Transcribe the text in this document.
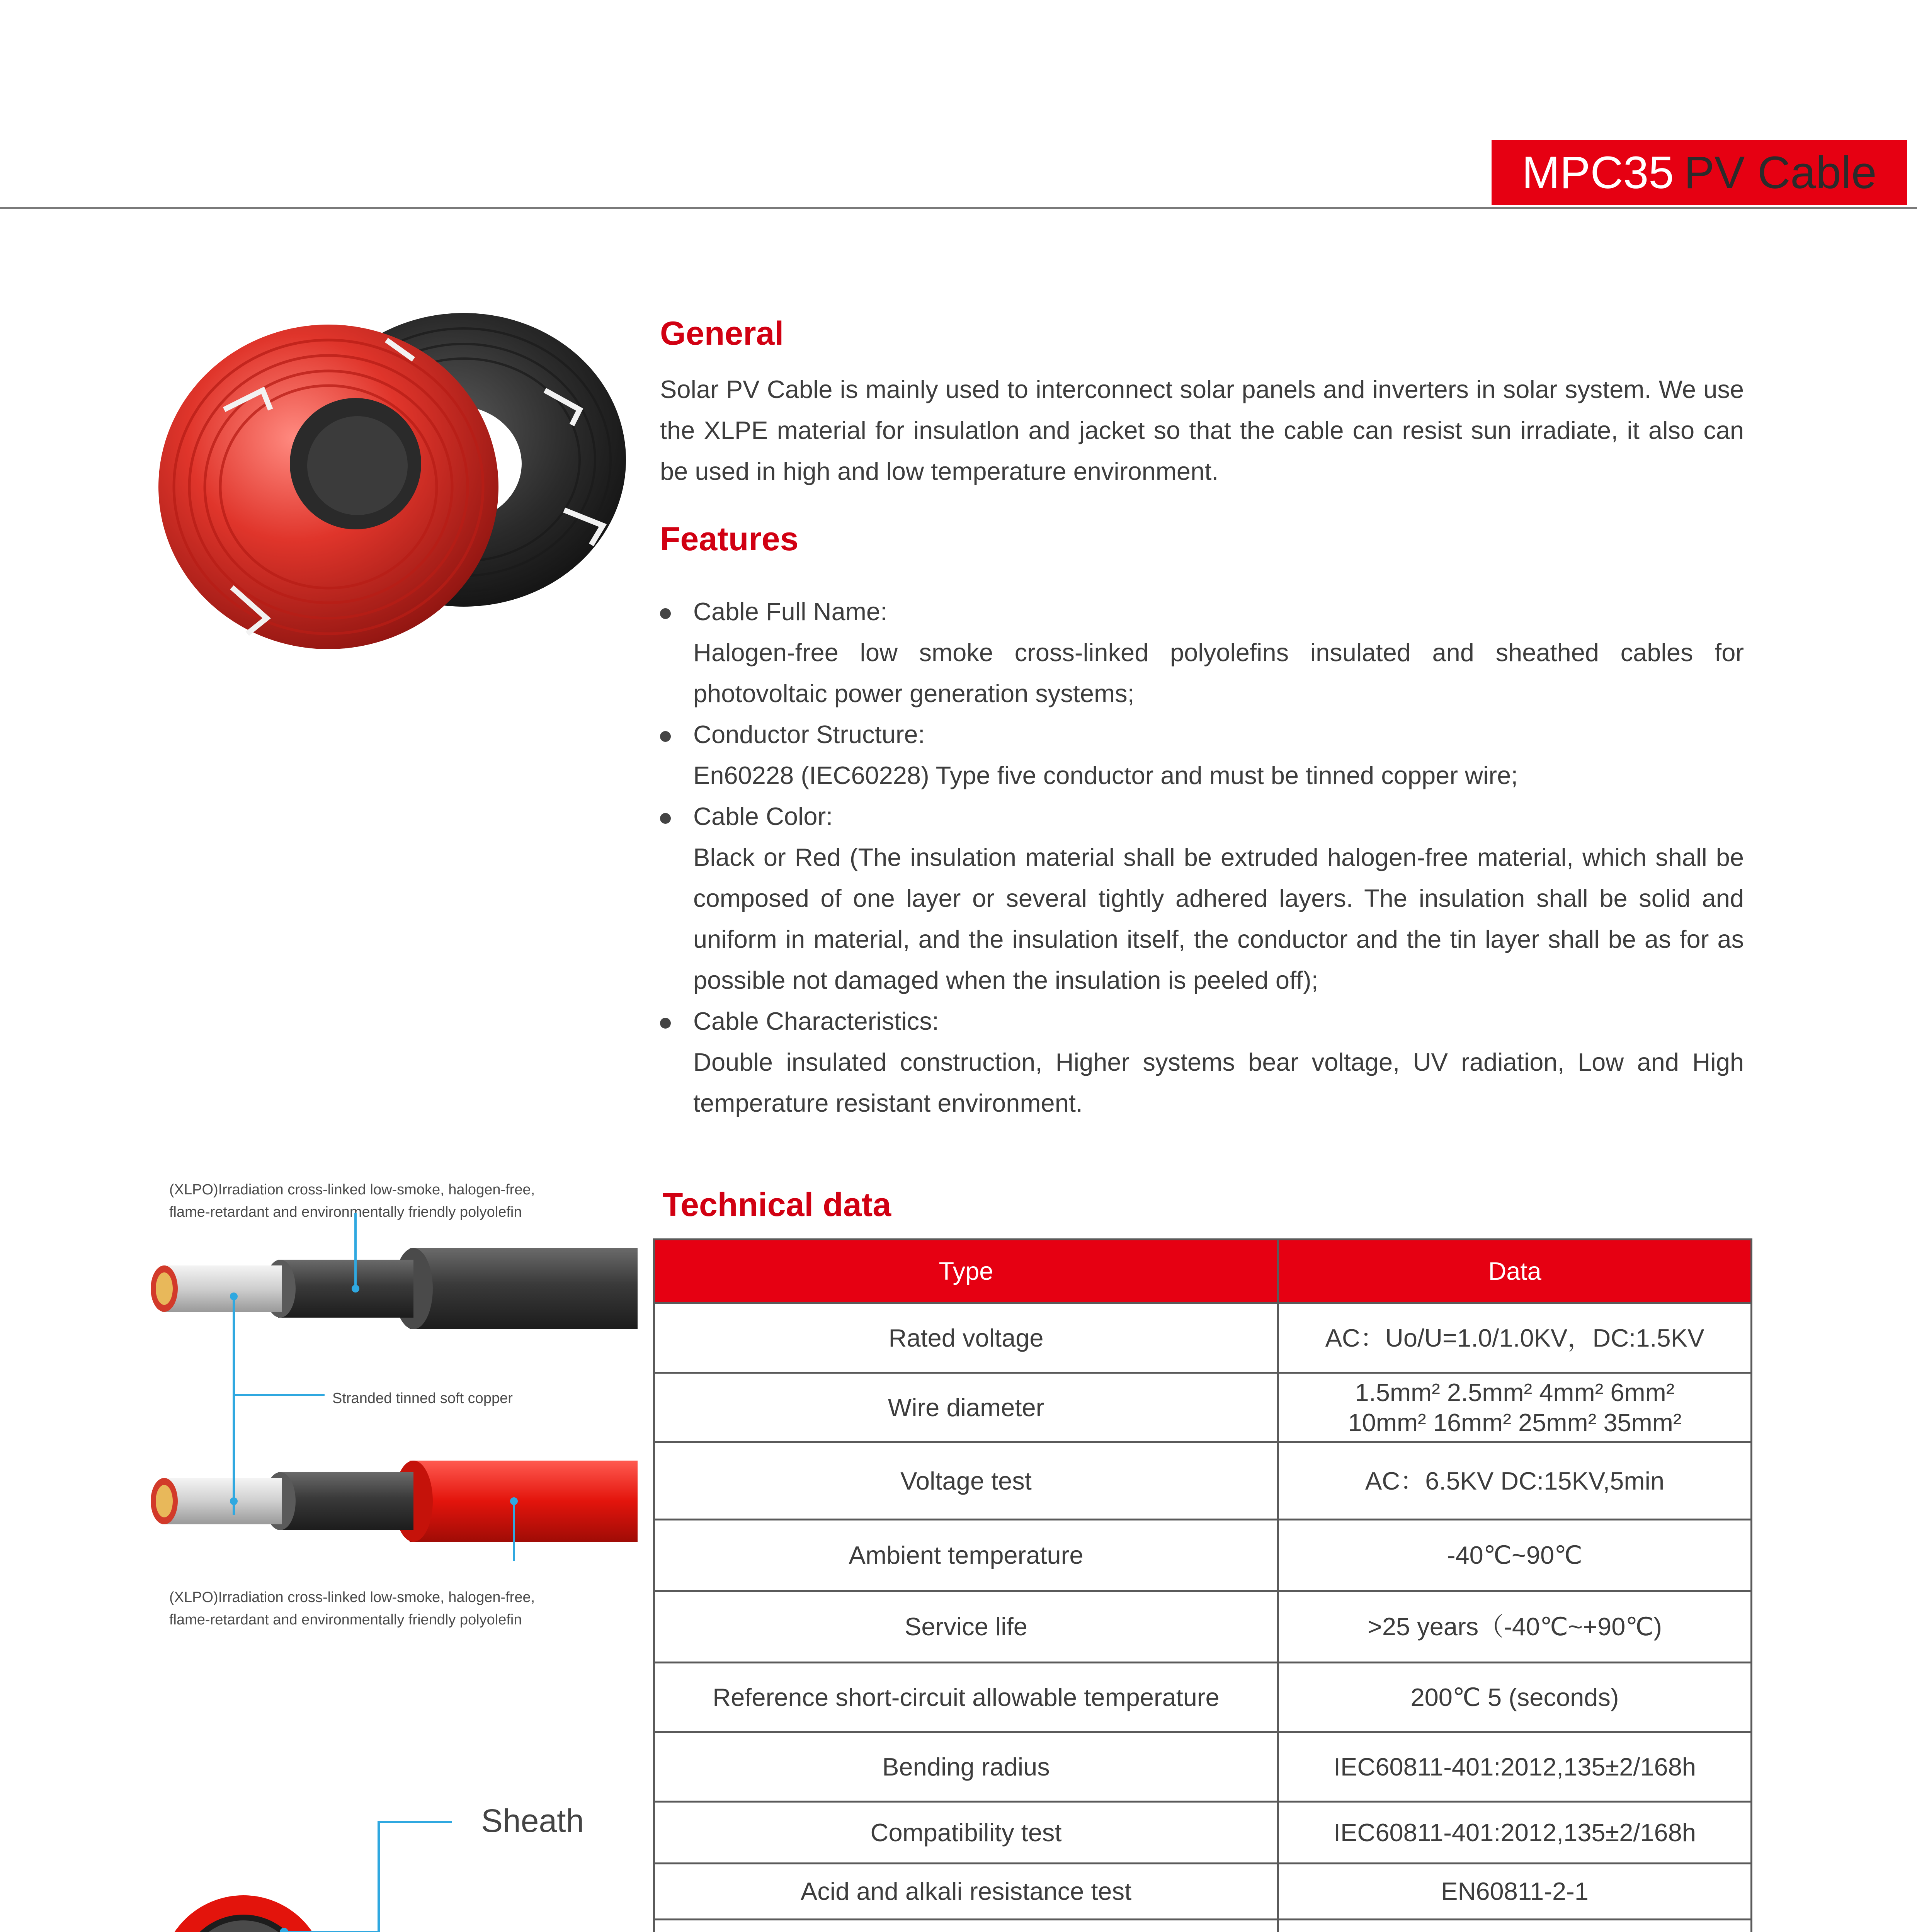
MPC35 PV Cable
General
Solar PV Cable is mainly used to interconnect solar panels and inverters in solar system. We use the XLPE material for insulatlon and jacket so that the cable can resist sun irradiate, it also can be used in high and low temperature environment.
Features
Cable Full Name:
Halogen-free low smoke cross-linked polyolefins insulated and sheathed cables for photovoltaic power generation systems;
Conductor Structure:
En60228 (IEC60228) Type five conductor and must be tinned copper wire;
Cable Color:
Black or Red (The insulation material shall be extruded halogen-free material, which shall be composed of one layer or several tightly adhered layers. The insulation shall be solid and uniform in material, and the insulation itself, the conductor and the tin layer shall be as for as possible not damaged when the insulation is peeled off);
Cable Characteristics:
Double insulated construction, Higher systems bear voltage, UV radiation, Low and High temperature resistant environment.
(XLPO)Irradiation cross-linked low-smoke, halogen-free,
flame-retardant and environmentally friendly polyolefin
Stranded tinned soft copper
(XLPO)Irradiation cross-linked low-smoke, halogen-free,
flame-retardant and environmentally friendly polyolefin
Sheath
Technical data
Type	Data
Rated voltage	AC：Uo/U=1.0/1.0KV，DC:1.5KV
Wire diameter	1.5mm² 2.5mm² 4mm² 6mm²
10mm² 16mm² 25mm² 35mm²

Voltage test	AC：6.5KV DC:15KV,5min
Ambient temperature	-40℃~90℃
Service life	>25 years（-40℃~+90℃)
Reference short-circuit allowable temperature	200℃ 5 (seconds)
Bending radius	IEC60811-401:2012,135±2/168h
Compatibility test	IEC60811-401:2012,135±2/168h
Acid and alkali resistance test	EN60811-2-1
